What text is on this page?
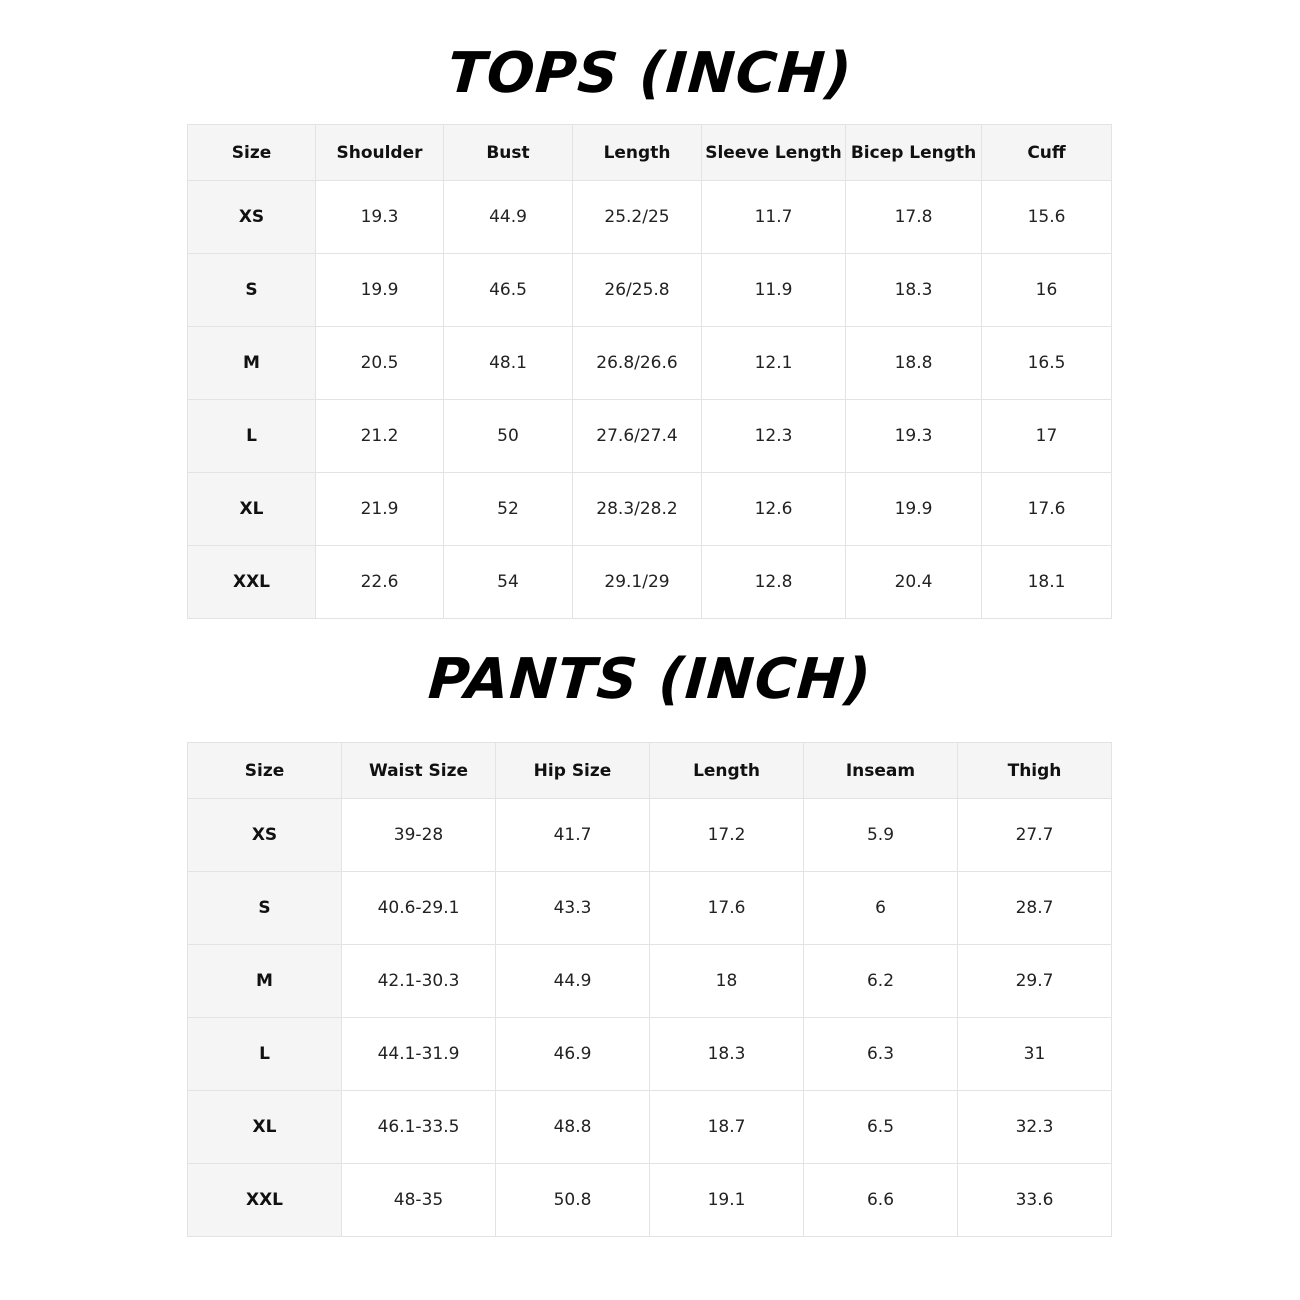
TOPS (INCH)
Size	Shoulder	Bust	Length	Sleeve Length	Bicep Length	Cuff
XS	19.3	44.9	25.2/25	11.7	17.8	15.6
S	19.9	46.5	26/25.8	11.9	18.3	16
M	20.5	48.1	26.8/26.6	12.1	18.8	16.5
L	21.2	50	27.6/27.4	12.3	19.3	17
XL	21.9	52	28.3/28.2	12.6	19.9	17.6
XXL	22.6	54	29.1/29	12.8	20.4	18.1
PANTS (INCH)
Size	Waist Size	Hip Size	Length	Inseam	Thigh
XS	39-28	41.7	17.2	5.9	27.7
S	40.6-29.1	43.3	17.6	6	28.7
M	42.1-30.3	44.9	18	6.2	29.7
L	44.1-31.9	46.9	18.3	6.3	31
XL	46.1-33.5	48.8	18.7	6.5	32.3
XXL	48-35	50.8	19.1	6.6	33.6
